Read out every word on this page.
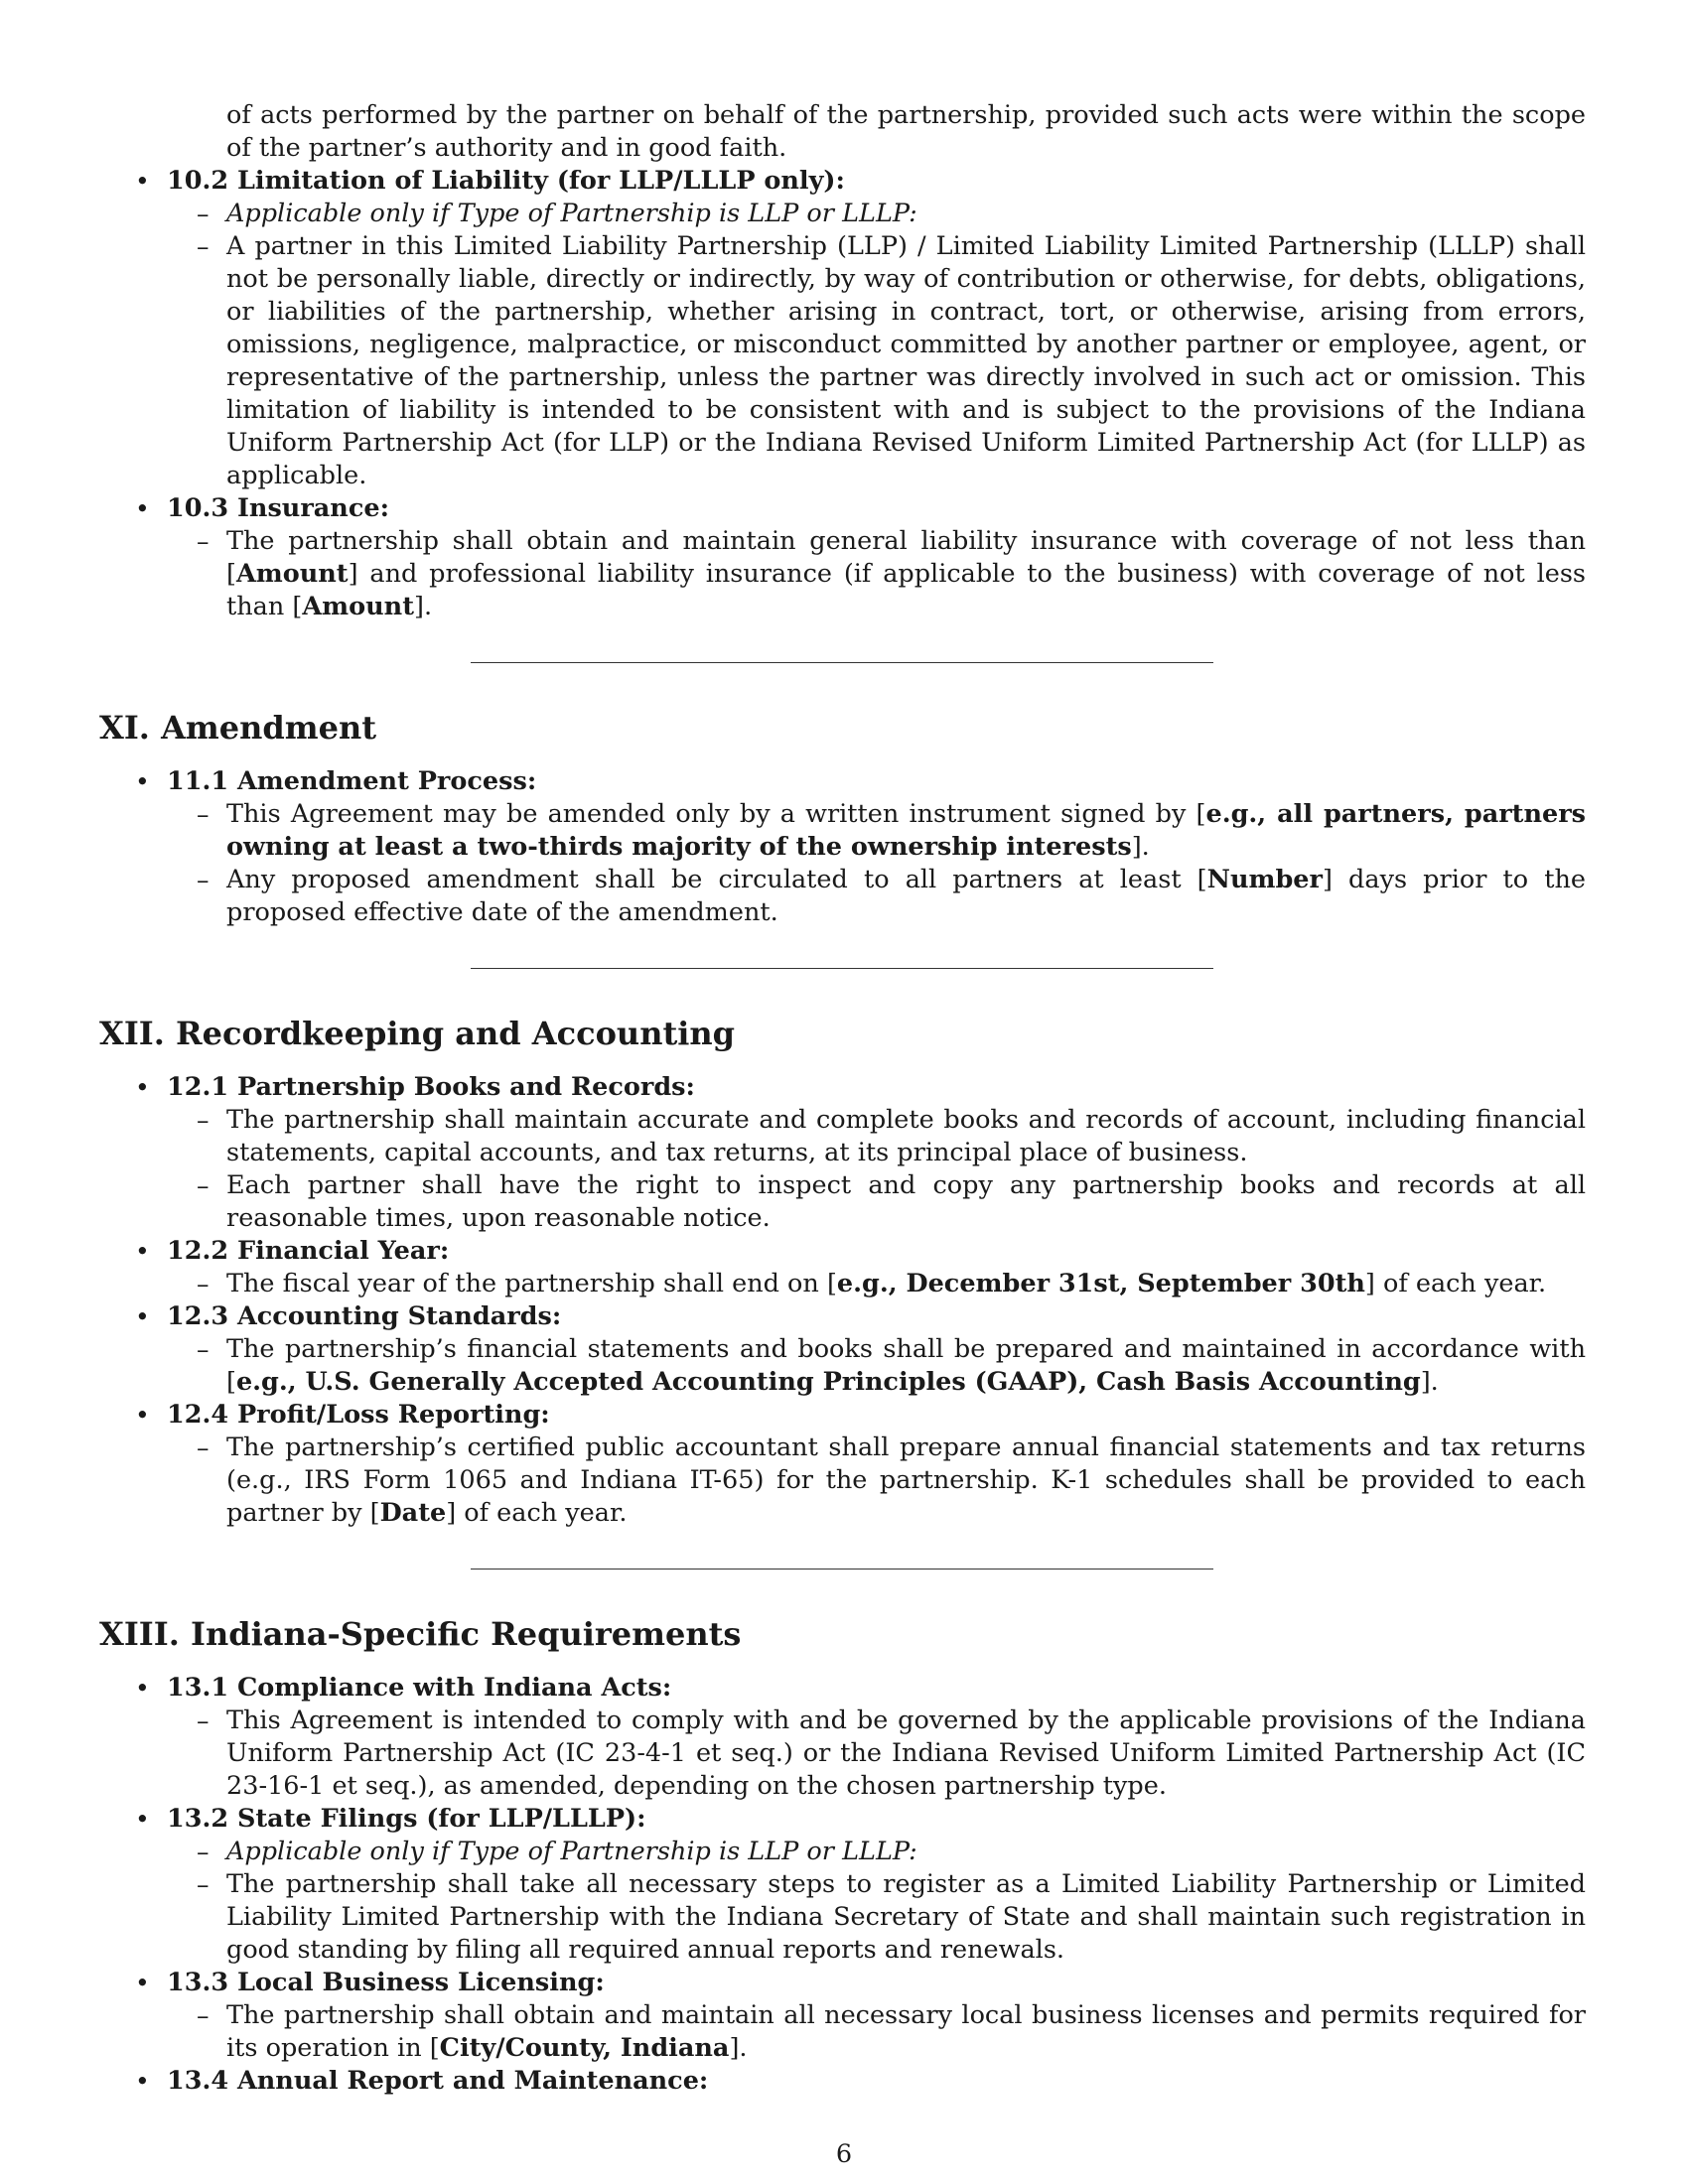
of acts performed by the partner on behalf of the partnership, provided such acts were within the scope of the partner’s authority and in good faith.

• 10.2 Limitation of Liability (for LLP/LLLP only):

– Applicable only if Type of Partnership is LLP or LLLP:

– A partner in this Limited Liability Partnership (LLP) / Limited Liability Limited Partnership (LLLP) shall not be personally liable, directly or indirectly, by way of contribution or otherwise, for debts, obligations, or liabilities of the partnership, whether arising in contract, tort, or otherwise, arising from errors, omissions, negligence, malpractice, or misconduct committed by another partner or employee, agent, or representative of the partnership, unless the partner was directly involved in such act or omission. This limitation of liability is intended to be consistent with and is subject to the provisions of the Indiana Uniform Partnership Act (for LLP) or the Indiana Revised Uniform Limited Partnership Act (for LLLP) as applicable.

• 10.3 Insurance:

– The partnership shall obtain and maintain general liability insurance with coverage of not less than [Amount] and professional liability insurance (if applicable to the business) with coverage of not less than [Amount].

XI. Amendment

• 11.1 Amendment Process:

– This Agreement may be amended only by a written instrument signed by [e.g., all partners, partners owning at least a two-thirds majority of the ownership interests].

– Any proposed amendment shall be circulated to all partners at least [Number] days prior to the proposed effective date of the amendment.

XII. Recordkeeping and Accounting

• 12.1 Partnership Books and Records:

– The partnership shall maintain accurate and complete books and records of account, including financial statements, capital accounts, and tax returns, at its principal place of business.

– Each partner shall have the right to inspect and copy any partnership books and records at all reasonable times, upon reasonable notice.

• 12.2 Financial Year:

– The fiscal year of the partnership shall end on [e.g., December 31st, September 30th] of each year.

• 12.3 Accounting Standards:

– The partnership’s financial statements and books shall be prepared and maintained in accordance with [e.g., U.S. Generally Accepted Accounting Principles (GAAP), Cash Basis Accounting].

• 12.4 Profit/Loss Reporting:

– The partnership’s certified public accountant shall prepare annual financial statements and tax returns (e.g., IRS Form 1065 and Indiana IT-65) for the partnership. K-1 schedules shall be provided to each partner by [Date] of each year.

XIII. Indiana-Specific Requirements

• 13.1 Compliance with Indiana Acts:

– This Agreement is intended to comply with and be governed by the applicable provisions of the Indiana Uniform Partnership Act (IC 23-4-1 et seq.) or the Indiana Revised Uniform Limited Partnership Act (IC 23-16-1 et seq.), as amended, depending on the chosen partnership type.

• 13.2 State Filings (for LLP/LLLP):

– Applicable only if Type of Partnership is LLP or LLLP:

– The partnership shall take all necessary steps to register as a Limited Liability Partnership or Limited Liability Limited Partnership with the Indiana Secretary of State and shall maintain such registration in good standing by filing all required annual reports and renewals.

• 13.3 Local Business Licensing:

– The partnership shall obtain and maintain all necessary local business licenses and permits required for its operation in [City/County, Indiana].

• 13.4 Annual Report and Maintenance:

6
